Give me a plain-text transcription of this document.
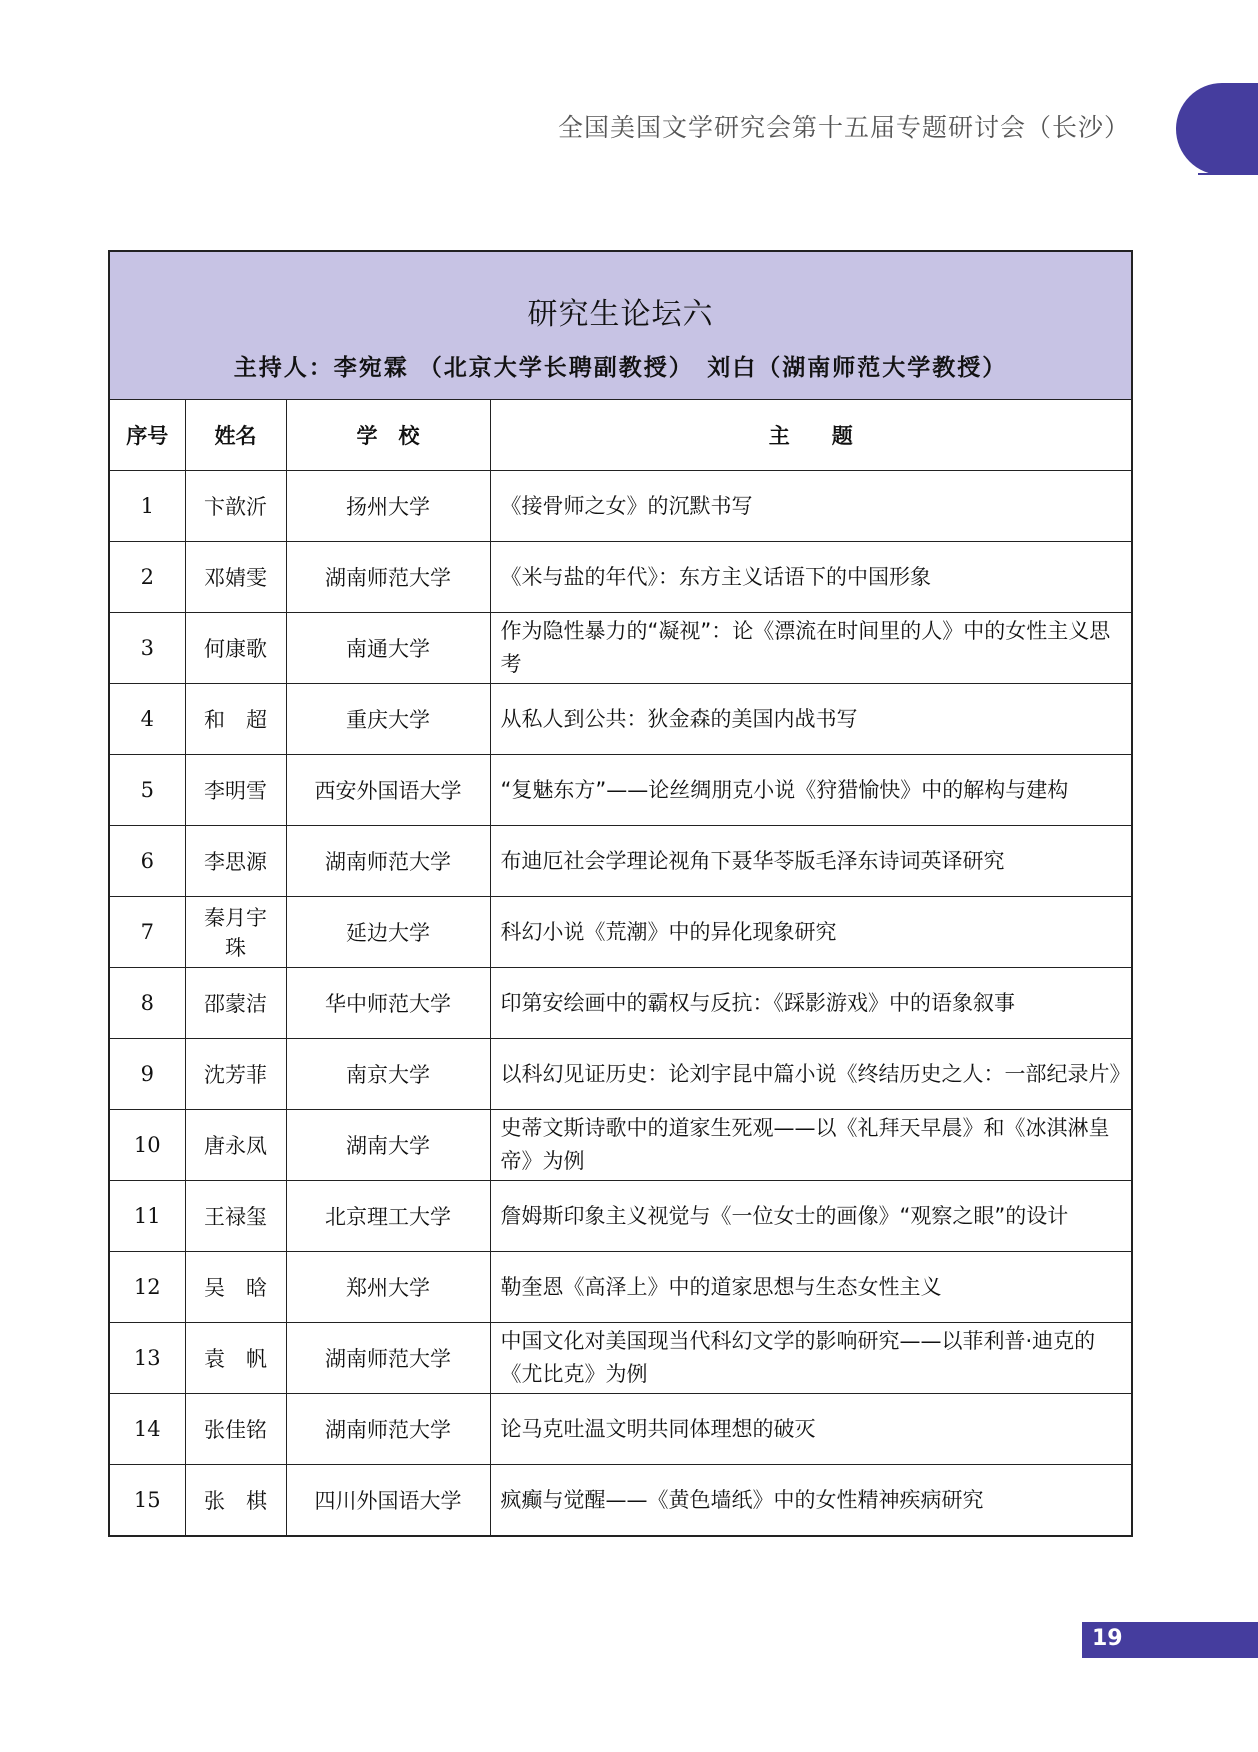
全国美国文学研究会第十五届专题研讨会（长沙）
研究生论坛六
主持人：李宛霖 （北京大学长聘副教授）　刘白（湖南师范大学教授）			

序号	姓名	学　校	主　　题
1	卞歆沂	扬州大学	《接骨师之女》的沉默书写
2	邓婧雯	湖南师范大学	《米与盐的年代》：东方主义话语下的中国形象
3	何康歌	南通大学	作为隐性暴力的“凝视”：论《漂流在时间里的人》中的女性主义思考
4	和　超	重庆大学	从私人到公共：狄金森的美国内战书写
5	李明雪	西安外国语大学	“复魅东方”——论丝绸朋克小说《狩猎愉快》中的解构与建构
6	李思源	湖南师范大学	布迪厄社会学理论视角下聂华苓版毛泽东诗词英译研究
7	秦月宇珠	延边大学	科幻小说《荒潮》中的异化现象研究
8	邵蒙洁	华中师范大学	印第安绘画中的霸权与反抗：《踩影游戏》中的语象叙事
9	沈芳菲	南京大学	以科幻见证历史：论刘宇昆中篇小说《终结历史之人：一部纪录片》
10	唐永凤	湖南大学	史蒂文斯诗歌中的道家生死观——以《礼拜天早晨》和《冰淇淋皇帝》为例
11	王禄玺	北京理工大学	詹姆斯印象主义视觉与《一位女士的画像》“观察之眼”的设计
12	吴　晗	郑州大学	勒奎恩《高泽上》中的道家思想与生态女性主义
13	袁　帆	湖南师范大学	中国文化对美国现当代科幻文学的影响研究——以菲利普·迪克的《尤比克》为例
14	张佳铭	湖南师范大学	论马克吐温文明共同体理想的破灭
15	张　棋	四川外国语大学	疯癫与觉醒——《黄色墙纸》中的女性精神疾病研究
19
